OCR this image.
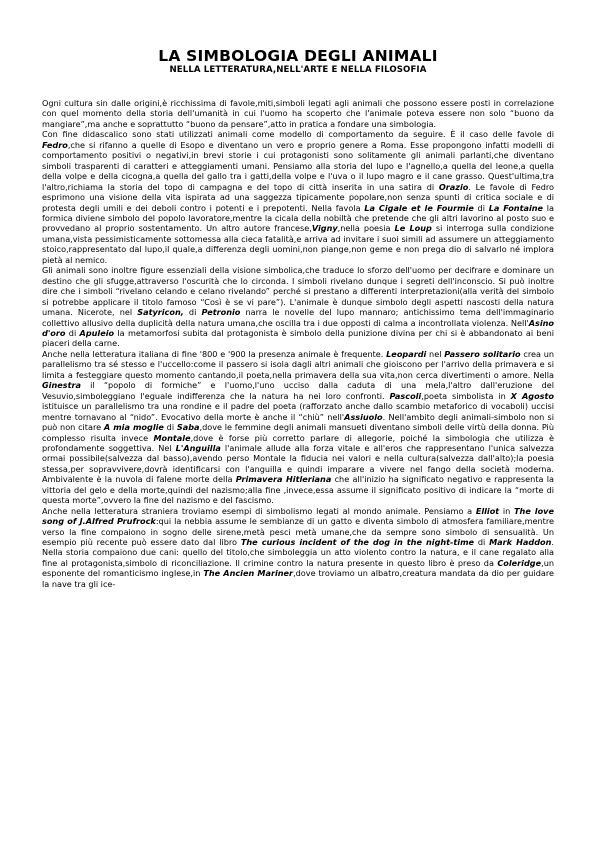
LA SIMBOLOGIA DEGLI ANIMALI
NELLA LETTERATURA,NELL'ARTE E NELLA FILOSOFIA

Ogni cultura sin dalle origini,è ricchissima di favole,miti,simboli legati agli animali che possono essere posti in correlazione con quel momento della storia dell'umanità in cui l'uomo ha scoperto che l'animale poteva essere non solo “buono da mangiare”,ma anche e soprattutto “buono da pensare”,atto in pratica a fondare una simbologia.

Con fine didascalico sono stati utilizzati animali come modello di comportamento da seguire. È il caso delle favole di Fedro,che si rifanno a quelle di Esopo e diventano un vero e proprio genere a Roma. Esse propongono infatti modelli di comportamento positivi o negativi,in brevi storie i cui protagonisti sono solitamente gli animali parlanti,che diventano simboli trasparenti di caratteri e atteggiamenti umani. Pensiamo alla storia del lupo e l'agnello,a quella del leone,a quella della volpe e della cicogna,a quella del gallo tra i gatti,della volpe e l'uva o il lupo magro e il cane grasso. Quest'ultima,tra l'altro,richiama la storia del topo di campagna e del topo di città inserita in una satira di Orazio. Le favole di Fedro esprimono una visione della vita ispirata ad una saggezza tipicamente popolare,non senza spunti di critica sociale e di protesta degli umili e dei deboli contro i potenti e i prepotenti. Nella favola La Cigale et le Fourmie di La Fontaine la formica diviene simbolo del popolo lavoratore,mentre la cicala della nobiltà che pretende che gli altri lavorino al posto suo e provvedano al proprio sostentamento. Un altro autore francese,Vigny,nella poesia Le Loup si interroga sulla condizione umana,vista pessimisticamente sottomessa alla cieca fatalità,e arriva ad invitare i suoi simili ad assumere un atteggiamento stoico,rappresentato dal lupo,il quale,a differenza degli uomini,non piange,non geme e non prega dio di salvarlo né implora pietà al nemico.

Gli animali sono inoltre figure essenziali della visione simbolica,che traduce lo sforzo dell'uomo per decifrare e dominare un destino che gli sfugge,attraverso l'oscurità che lo circonda. I simboli rivelano dunque i segreti dell'inconscio. Si può inoltre dire che i simboli “rivelano celando e celano rivelando” perché si prestano a differenti interpretazioni(alla verità del simbolo si potrebbe applicare il titolo famoso “Così è se vi pare”). L'animale è dunque simbolo degli aspetti nascosti della natura umana. Nicerote, nel Satyricon, di Petronio narra le novelle del lupo mannaro; antichissimo tema dell'immaginario collettivo allusivo della duplicità della natura umana,che oscilla tra i due opposti di calma a incontrollata violenza. Nell'Asino d'oro di Apuleio la metamorfosi subita dal protagonista è simbolo della punizione divina per chi si è abbandonato ai beni piaceri della carne.

Anche nella letteratura italiana di fine '800 e '900 la presenza animale è frequente. Leopardi nel Passero solitario crea un parallelismo tra sé stesso e l'uccello:come il passero si isola dagli altri animali che gioiscono per l'arrivo della primavera e si limita a festeggiare questo momento cantando,il poeta,nella primavera della sua vita,non cerca divertimenti o amore. Nella Ginestra il “popolo di formiche” e l'uomo,l'uno ucciso dalla caduta di una mela,l'altro dall'eruzione del Vesuvio,simboleggiano l'eguale indifferenza che la natura ha nei loro confronti. Pascoli,poeta simbolista in X Agosto istituisce un parallelismo tra una rondine e il padre del poeta (rafforzato anche dallo scambio metaforico di vocaboli) uccisi mentre tornavano al “nido”. Evocativo della morte è anche il “chiù” nell'Assiuolo. Nell'ambito degli animali-simbolo non si può non citare A mia moglie di Saba,dove le femmine degli animali mansueti diventano simboli delle virtù della donna. Più complesso risulta invece Montale,dove è forse più corretto parlare di allegorie, poiché la simbologia che utilizza è profondamente soggettiva. Nel L'Anguilla l'animale allude alla forza vitale e all'eros che rappresentano l'unica salvezza ormai possibile(salvezza dal basso),avendo perso Montale la fiducia nei valori e nella cultura(salvezza dall'alto);la poesia stessa,per sopravvivere,dovrà identificarsi con l'anguilla e quindi imparare a vivere nel fango della società moderna. Ambivalente è la nuvola di falene morte della Primavera Hitleriana che all'inizio ha significato negativo e rappresenta la vittoria del gelo e della morte,quindi del nazismo;alla fine ,invece,essa assume il significato positivo di indicare la “morte di questa morte”,ovvero la fine del nazismo e del fascismo.

Anche nella letteratura straniera troviamo esempi di simbolismo legati al mondo animale. Pensiamo a Elliot in The love song of J.Alfred Prufrock:qui la nebbia assume le sembianze di un gatto e diventa simbolo di atmosfera familiare,mentre verso la fine compaiono in sogno delle sirene,metà pesci metà umane,che da sempre sono simbolo di sensualità. Un esempio più recente può essere dato dal libro The curious incident of the dog in the night-time di Mark Haddon. Nella storia compaiono due cani: quello del titolo,che simboleggia un atto violento contro la natura, e il cane regalato alla fine al protagonista,simbolo di riconciliazione. Il crimine contro la natura presente in questo libro è preso da Coleridge,un esponente del romanticismo inglese,in The Ancien Mariner,dove troviamo un albatro,creatura mandata da dio per guidare la nave tra gli ice-
